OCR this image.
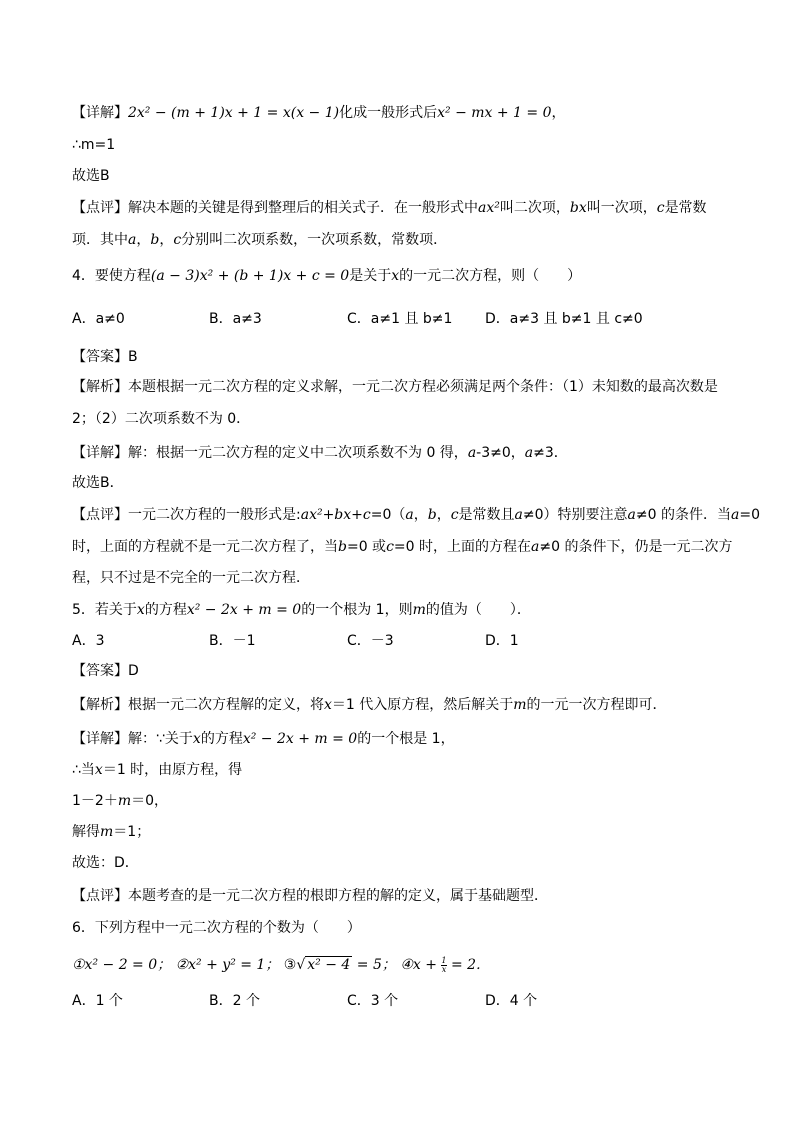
【详解】2x² − (m + 1)x + 1 = x(x − 1)化成一般形式后x² − mx + 1 = 0，
∴m=1
故选B
【点评】解决本题的关键是得到整理后的相关式子．在一般形式中ax²叫二次项，bx叫一次项，c是常数
项．其中a，b，c分别叫二次项系数，一次项系数，常数项．
4．要使方程(a − 3)x² + (b + 1)x + c = 0是关于x的一元二次方程，则（　　）
【答案】B
【解析】本题根据一元二次方程的定义求解，一元二次方程必须满足两个条件：（1）未知数的最高次数是
2；（2）二次项系数不为 0．
【详解】解：根据一元二次方程的定义中二次项系数不为 0 得，a-3≠0，a≠3．
故选B．
【点评】一元二次方程的一般形式是:ax²+bx+c=0（a，b，c是常数且a≠0）特别要注意a≠0 的条件．当a=0
时，上面的方程就不是一元二次方程了，当b=0 或c=0 时，上面的方程在a≠0 的条件下，仍是一元二次方
程，只不过是不完全的一元二次方程．
5．若关于x的方程x² − 2x + m = 0的一个根为 1，则m的值为（　　）．
【答案】D
【解析】根据一元二次方程解的定义，将x＝1 代入原方程，然后解关于m的一元一次方程即可．
【详解】解：∵关于x的方程x² − 2x + m = 0的一个根是 1，
∴当x＝1 时，由原方程，得
1－2＋m＝0，
解得m＝1；
故选：D．
【点评】本题考查的是一元二次方程的根即方程的解的定义，属于基础题型．
6．下列方程中一元二次方程的个数为（　　）
A．a≠0	B．a≠3	C．a≠1 且 b≠1 D．a≠3 且 b≠1 且 c≠0
A．3	B．－1	C．－3	D．1
①x² − 2 = 0； ②x² + y² = 1； ③√ x² − 4 = 5； ④x + $\frac{1}{x} = 2$．
A．1 个	B．2 个	C．3 个	D．4 个
